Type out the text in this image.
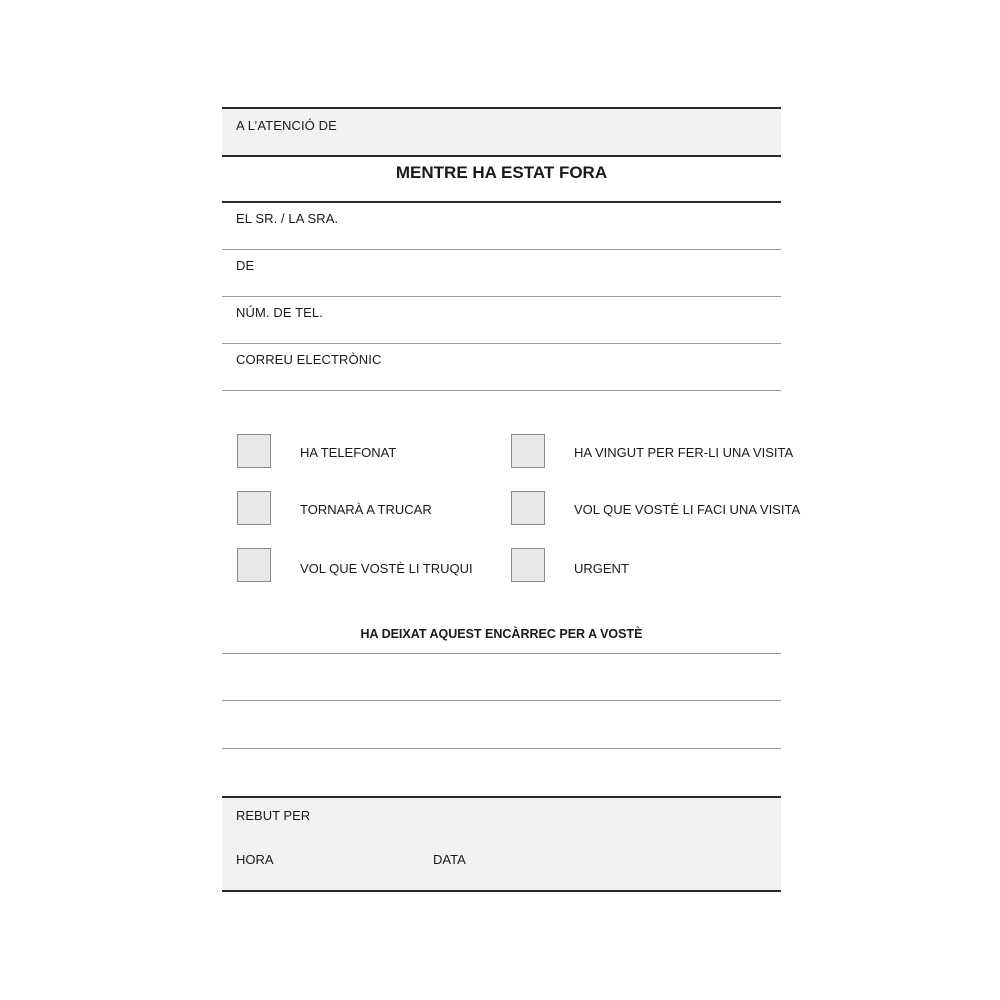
A L’ATENCIÓ DE
MENTRE HA ESTAT FORA
EL SR. / LA SRA.
DE
NÚM. DE TEL.
CORREU ELECTRÒNIC
HA TELEFONAT
TORNARÀ A TRUCAR
VOL QUE VOSTÈ LI TRUQUI
HA VINGUT PER FER-LI UNA VISITA
VOL QUE VOSTÈ LI FACI UNA VISITA
URGENT
HA DEIXAT AQUEST ENCÀRREC PER A VOSTÈ
REBUT PER
HORA	DATA
